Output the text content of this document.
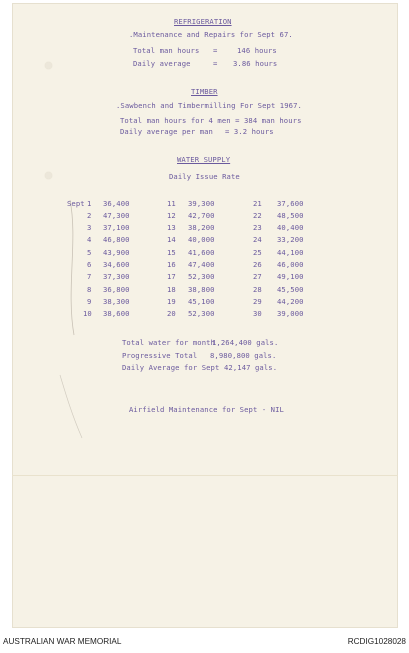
REFRIGERATION
.Maintenance and Repairs for Sept 67.
Total man hours =	146 hours
Daily average	= 3.86 hours
TIMBER
.Sawbench and Timbermilling For Sept 1967.
Total man hours for 4 men = 384 man hours
Daily average per man = 3.2 hours
WATER SUPPLY
Daily Issue Rate
Sept 1 36,400
2 47,300
3 37,100
4 46,800
5 43,900
6 34,600
7 37,300
8 36,800
9 38,300
10 38,600
11 39,300
12 42,700
13 38,200
14 40,000
15 41,600
16 47,400
17 52,300
18 38,800
19 45,100
20 52,300
21 37,600
22 48,500
23 40,400
24 33,200
25 44,100
26 46,000
27 49,100
28 45,500
29 44,200
30 39,000
Total water for month
1,264,400 gals.
Progressive Total 8,980,800 gals.
Daily Average for Sept 42,147 gals.
Airfield Maintenance for Sept - NIL
AUSTRALIAN WAR MEMORIAL	RCDIG1028028
